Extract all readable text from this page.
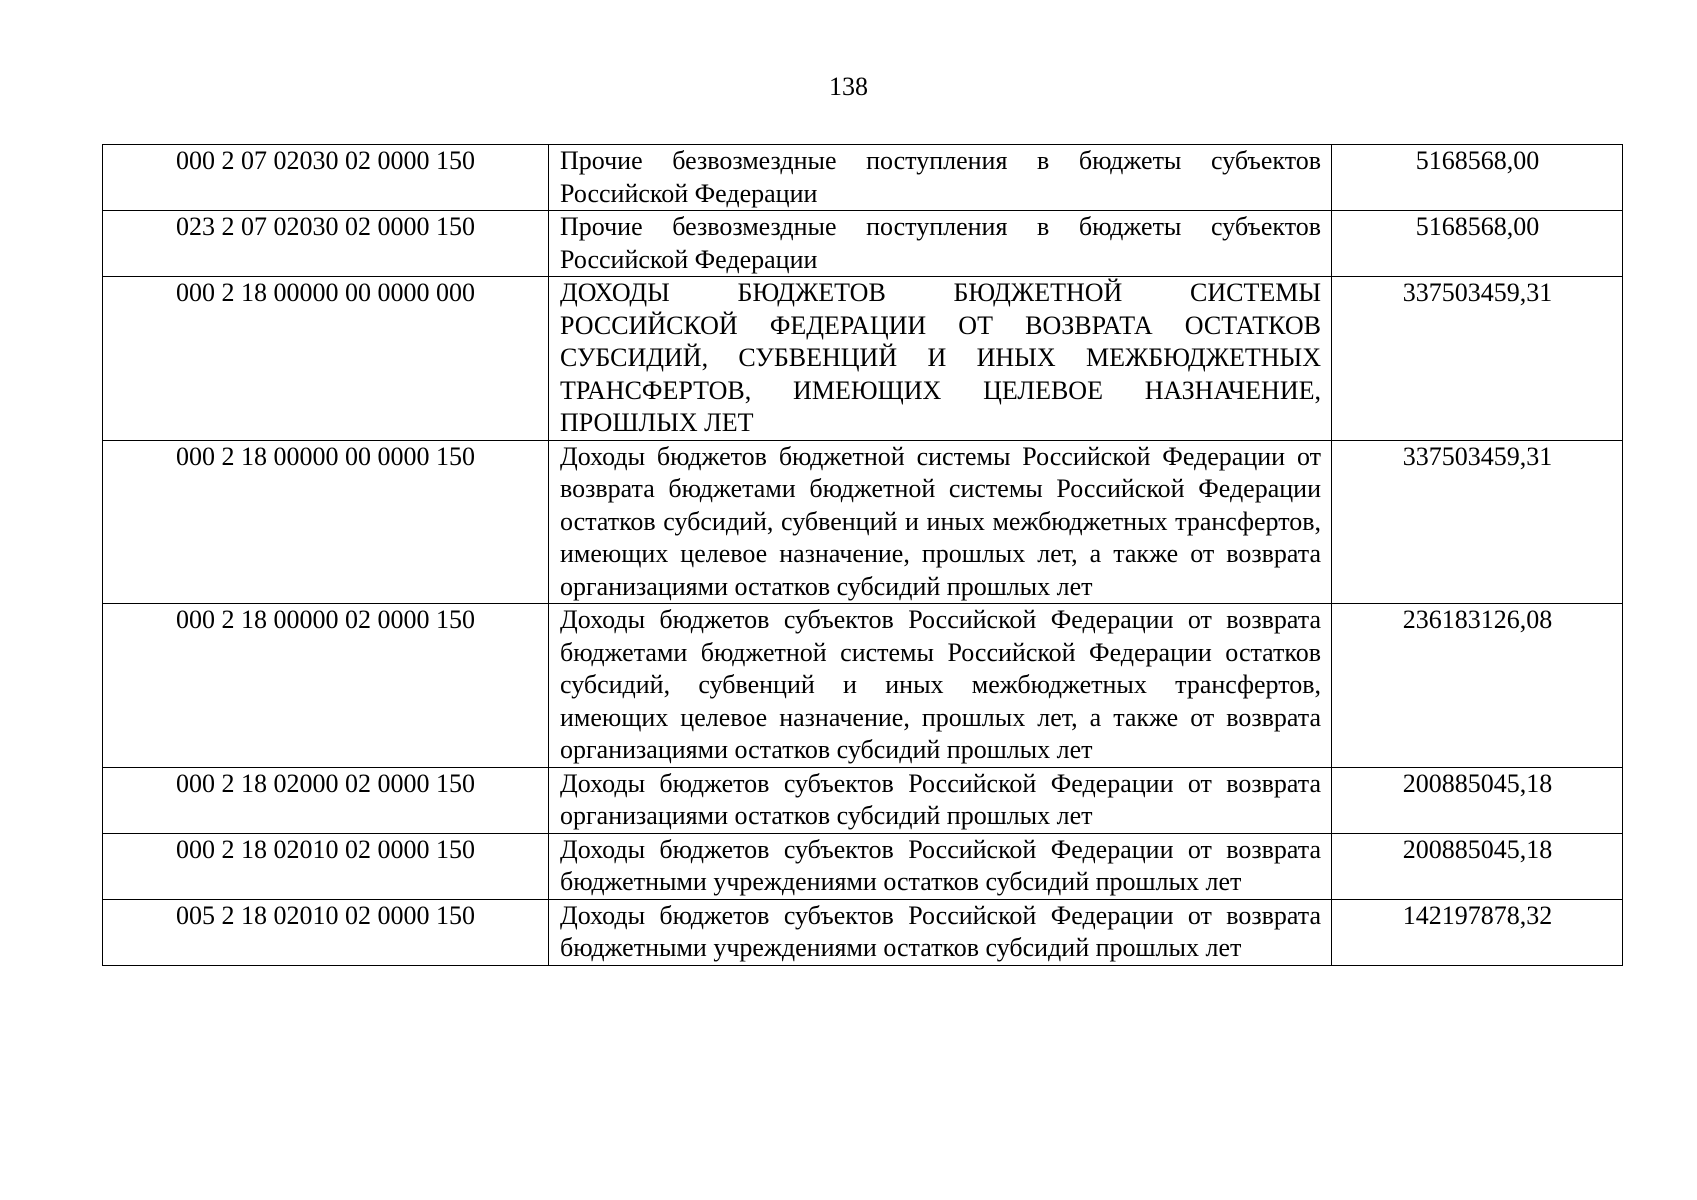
138
000 2 07 02030 02 0000 150	Прочие безвозмездные поступления в бюджеты субъектов Российской Федерации	5168568,00
023 2 07 02030 02 0000 150	Прочие безвозмездные поступления в бюджеты субъектов Российской Федерации	5168568,00
000 2 18 00000 00 0000 000	ДОХОДЫ БЮДЖЕТОВ БЮДЖЕТНОЙ СИСТЕМЫ РОССИЙСКОЙ ФЕДЕРАЦИИ ОТ ВОЗВРАТА ОСТАТКОВ СУБСИДИЙ, СУБВЕНЦИЙ И ИНЫХ МЕЖБЮДЖЕТНЫХ ТРАНСФЕРТОВ, ИМЕЮЩИХ ЦЕЛЕВОЕ НАЗНАЧЕНИЕ, ПРОШЛЫХ ЛЕТ	337503459,31
000 2 18 00000 00 0000 150	Доходы бюджетов бюджетной системы Российской Федерации от возврата бюджетами бюджетной системы Российской Федерации остатков субсидий, субвенций и иных межбюджетных трансфертов, имеющих целевое назначение, прошлых лет, а также от возврата организациями остатков субсидий прошлых лет	337503459,31
000 2 18 00000 02 0000 150	Доходы бюджетов субъектов Российской Федерации от возврата бюджетами бюджетной системы Российской Федерации остатков субсидий, субвенций и иных межбюджетных трансфертов, имеющих целевое назначение, прошлых лет, а также от возврата организациями остатков субсидий прошлых лет	236183126,08
000 2 18 02000 02 0000 150	Доходы бюджетов субъектов Российской Федерации от возврата организациями остатков субсидий прошлых лет	200885045,18
000 2 18 02010 02 0000 150	Доходы бюджетов субъектов Российской Федерации от возврата бюджетными учреждениями остатков субсидий прошлых лет	200885045,18
005 2 18 02010 02 0000 150	Доходы бюджетов субъектов Российской Федерации от возврата бюджетными учреждениями остатков субсидий прошлых лет	142197878,32
